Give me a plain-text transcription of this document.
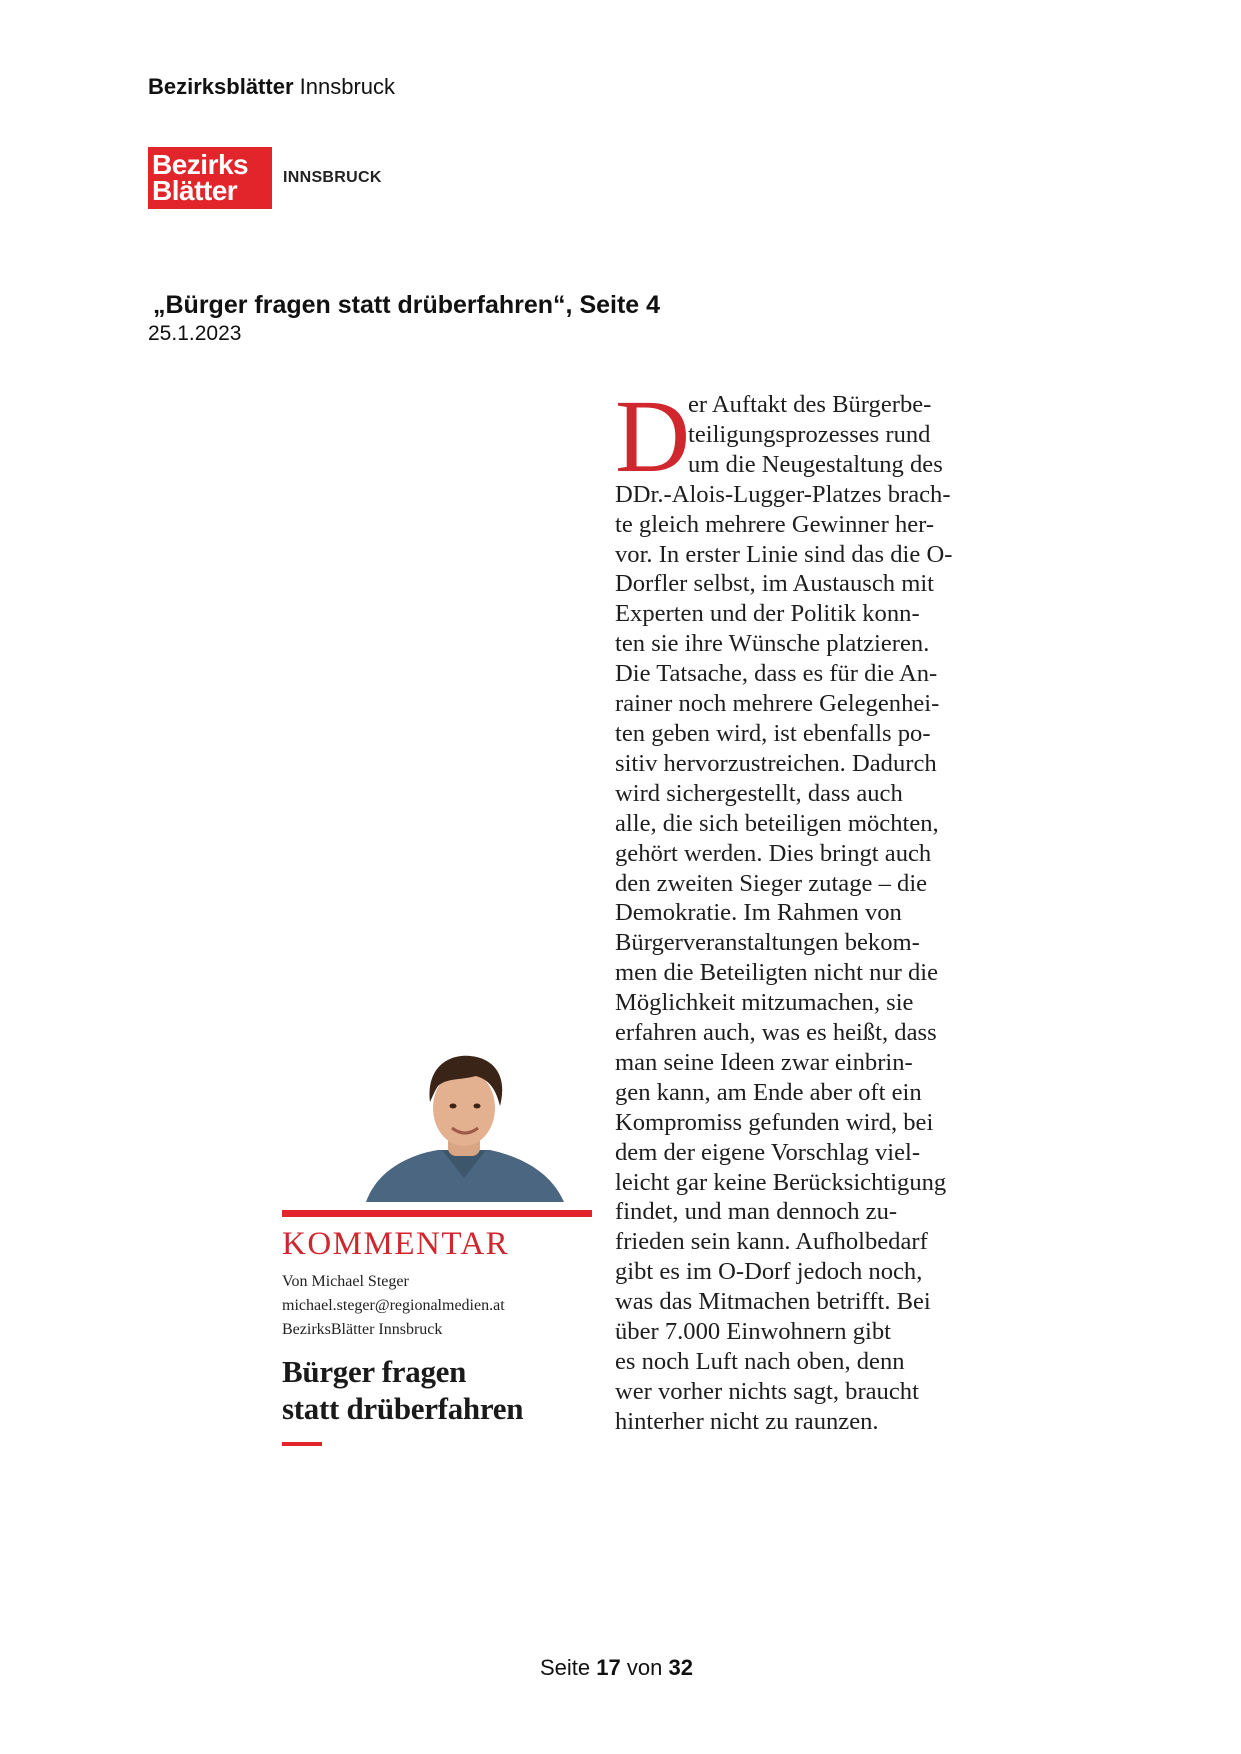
Bezirksblätter Innsbruck
Bezirks
Blätter	INNSBRUCK
„Bürger fragen statt drüberfahren“, Seite 4
25.1.2023
KOMMENTAR
Von Michael Steger
michael.steger@regionalmedien.at
BezirksBlätter Innsbruck
Bürger fragen
statt drüberfahren
D
er Auftakt des Bürgerbe-
teiligungsprozesses rund
um die Neugestaltung des
DDr.-Alois-Lugger-Platzes brach-
te gleich mehrere Gewinner her-
vor. In erster Linie sind das die O-
Dorfler selbst, im Austausch mit
Experten und der Politik konn-
ten sie ihre Wünsche platzieren.
Die Tatsache, dass es für die An-
rainer noch mehrere Gelegenhei-
ten geben wird, ist ebenfalls po-
sitiv hervorzustreichen. Dadurch
wird sichergestellt, dass auch
alle, die sich beteiligen möchten,
gehört werden. Dies bringt auch
den zweiten Sieger zutage – die
Demokratie. Im Rahmen von
Bürgerveranstaltungen bekom-
men die Beteiligten nicht nur die
Möglichkeit mitzumachen, sie
erfahren auch, was es heißt, dass
man seine Ideen zwar einbrin-
gen kann, am Ende aber oft ein
Kompromiss gefunden wird, bei
dem der eigene Vorschlag viel-
leicht gar keine Berücksichtigung
findet, und man dennoch zu-
frieden sein kann. Aufholbedarf
gibt es im O-Dorf jedoch noch,
was das Mitmachen betrifft. Bei
über 7.000 Einwohnern gibt
es noch Luft nach oben, denn
wer vorher nichts sagt, braucht
hinterher nicht zu raunzen.
Seite 17 von 32
